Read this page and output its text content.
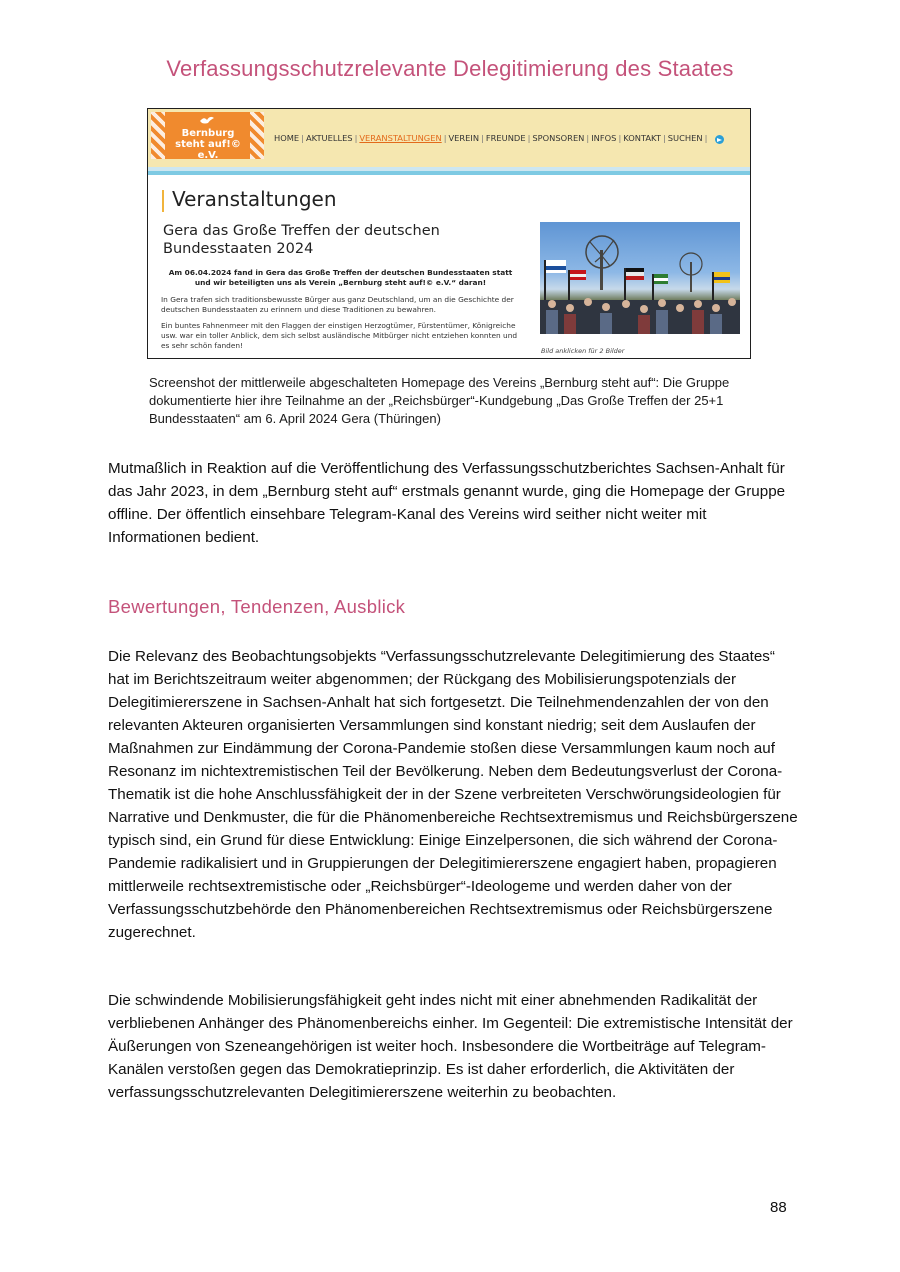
Verfassungsschutzrelevante Delegitimierung des Staates
Bernburg steht auf!©
e.V.
HOME | AKTUELLES | VERANSTALTUNGEN | VEREIN | FREUNDE | SPONSOREN | INFOS | KONTAKT | SUCHEN |
Veranstaltungen
Gera das Große Treffen der deutschen Bundesstaaten 2024
Am 06.04.2024 fand in Gera das Große Treffen der deutschen Bundesstaaten statt und wir beteiligten uns als Verein „Bernburg steht auf!© e.V.“ daran!
In Gera trafen sich traditionsbewusste Bürger aus ganz Deutschland, um an die Geschichte der deutschen Bundesstaaten zu erinnern und diese Traditionen zu bewahren.
Ein buntes Fahnenmeer mit den Flaggen der einstigen Herzogtümer, Fürstentümer, Königreiche usw. war ein toller Anblick, dem sich selbst ausländische Mitbürger nicht entziehen konnten und es sehr schön fanden!
Bild anklicken für 2 Bilder
Screenshot der mittlerweile abgeschalteten Homepage des Vereins „Bernburg steht auf“: Die Gruppe dokumentierte hier ihre Teilnahme an der „Reichsbürger“-Kundgebung „Das Große Treffen der 25+1 Bundesstaaten“ am 6. April 2024 Gera (Thüringen)
Mutmaßlich in Reaktion auf die Veröffentlichung des Verfassungsschutzberichtes Sachsen-Anhalt für das Jahr 2023, in dem „Bernburg steht auf“ erstmals genannt wurde, ging die Homepage der Gruppe offline. Der öffentlich einsehbare Telegram-Kanal des Vereins wird seither nicht weiter mit Informationen bedient.
Bewertungen, Tendenzen, Ausblick
Die Relevanz des Beobachtungsobjekts “Verfassungsschutzrelevante Delegitimierung des Staates“ hat im Berichtszeitraum weiter abgenommen; der Rückgang des Mobilisierungspotenzials der Delegitimiererszene in Sachsen-Anhalt hat sich fortgesetzt. Die Teilnehmendenzahlen der von den relevanten Akteuren organisierten Versammlungen sind konstant niedrig; seit dem Auslaufen der Maßnahmen zur Eindämmung der Corona-Pandemie stoßen diese Versammlungen kaum noch auf Resonanz im nichtextremistischen Teil der Bevölkerung. Neben dem Bedeutungsverlust der Corona-Thematik ist die hohe Anschlussfähigkeit der in der Szene verbreiteten Verschwörungsideologien für Narrative und Denkmuster, die für die Phänomenbereiche Rechtsextremismus und Reichsbürgerszene typisch sind, ein Grund für diese Entwicklung: Einige Einzelpersonen, die sich während der Corona-Pandemie radikalisiert und in Gruppierungen der Delegitimiererszene engagiert haben, propagieren mittlerweile rechtsextremistische oder „Reichsbürger“-Ideologeme und werden daher von der Verfassungsschutzbehörde den Phänomenbereichen Rechtsextremismus oder Reichsbürgerszene zugerechnet.
Die schwindende Mobilisierungsfähigkeit geht indes nicht mit einer abnehmenden Radikalität der verbliebenen Anhänger des Phänomenbereichs einher. Im Gegenteil: Die extremistische Intensität der Äußerungen von Szeneangehörigen ist weiter hoch. Insbesondere die Wortbeiträge auf Telegram-Kanälen verstoßen gegen das Demokratieprinzip. Es ist daher erforderlich, die Aktivitäten der verfassungsschutzrelevanten Delegitimiererszene weiterhin zu beobachten.
88
